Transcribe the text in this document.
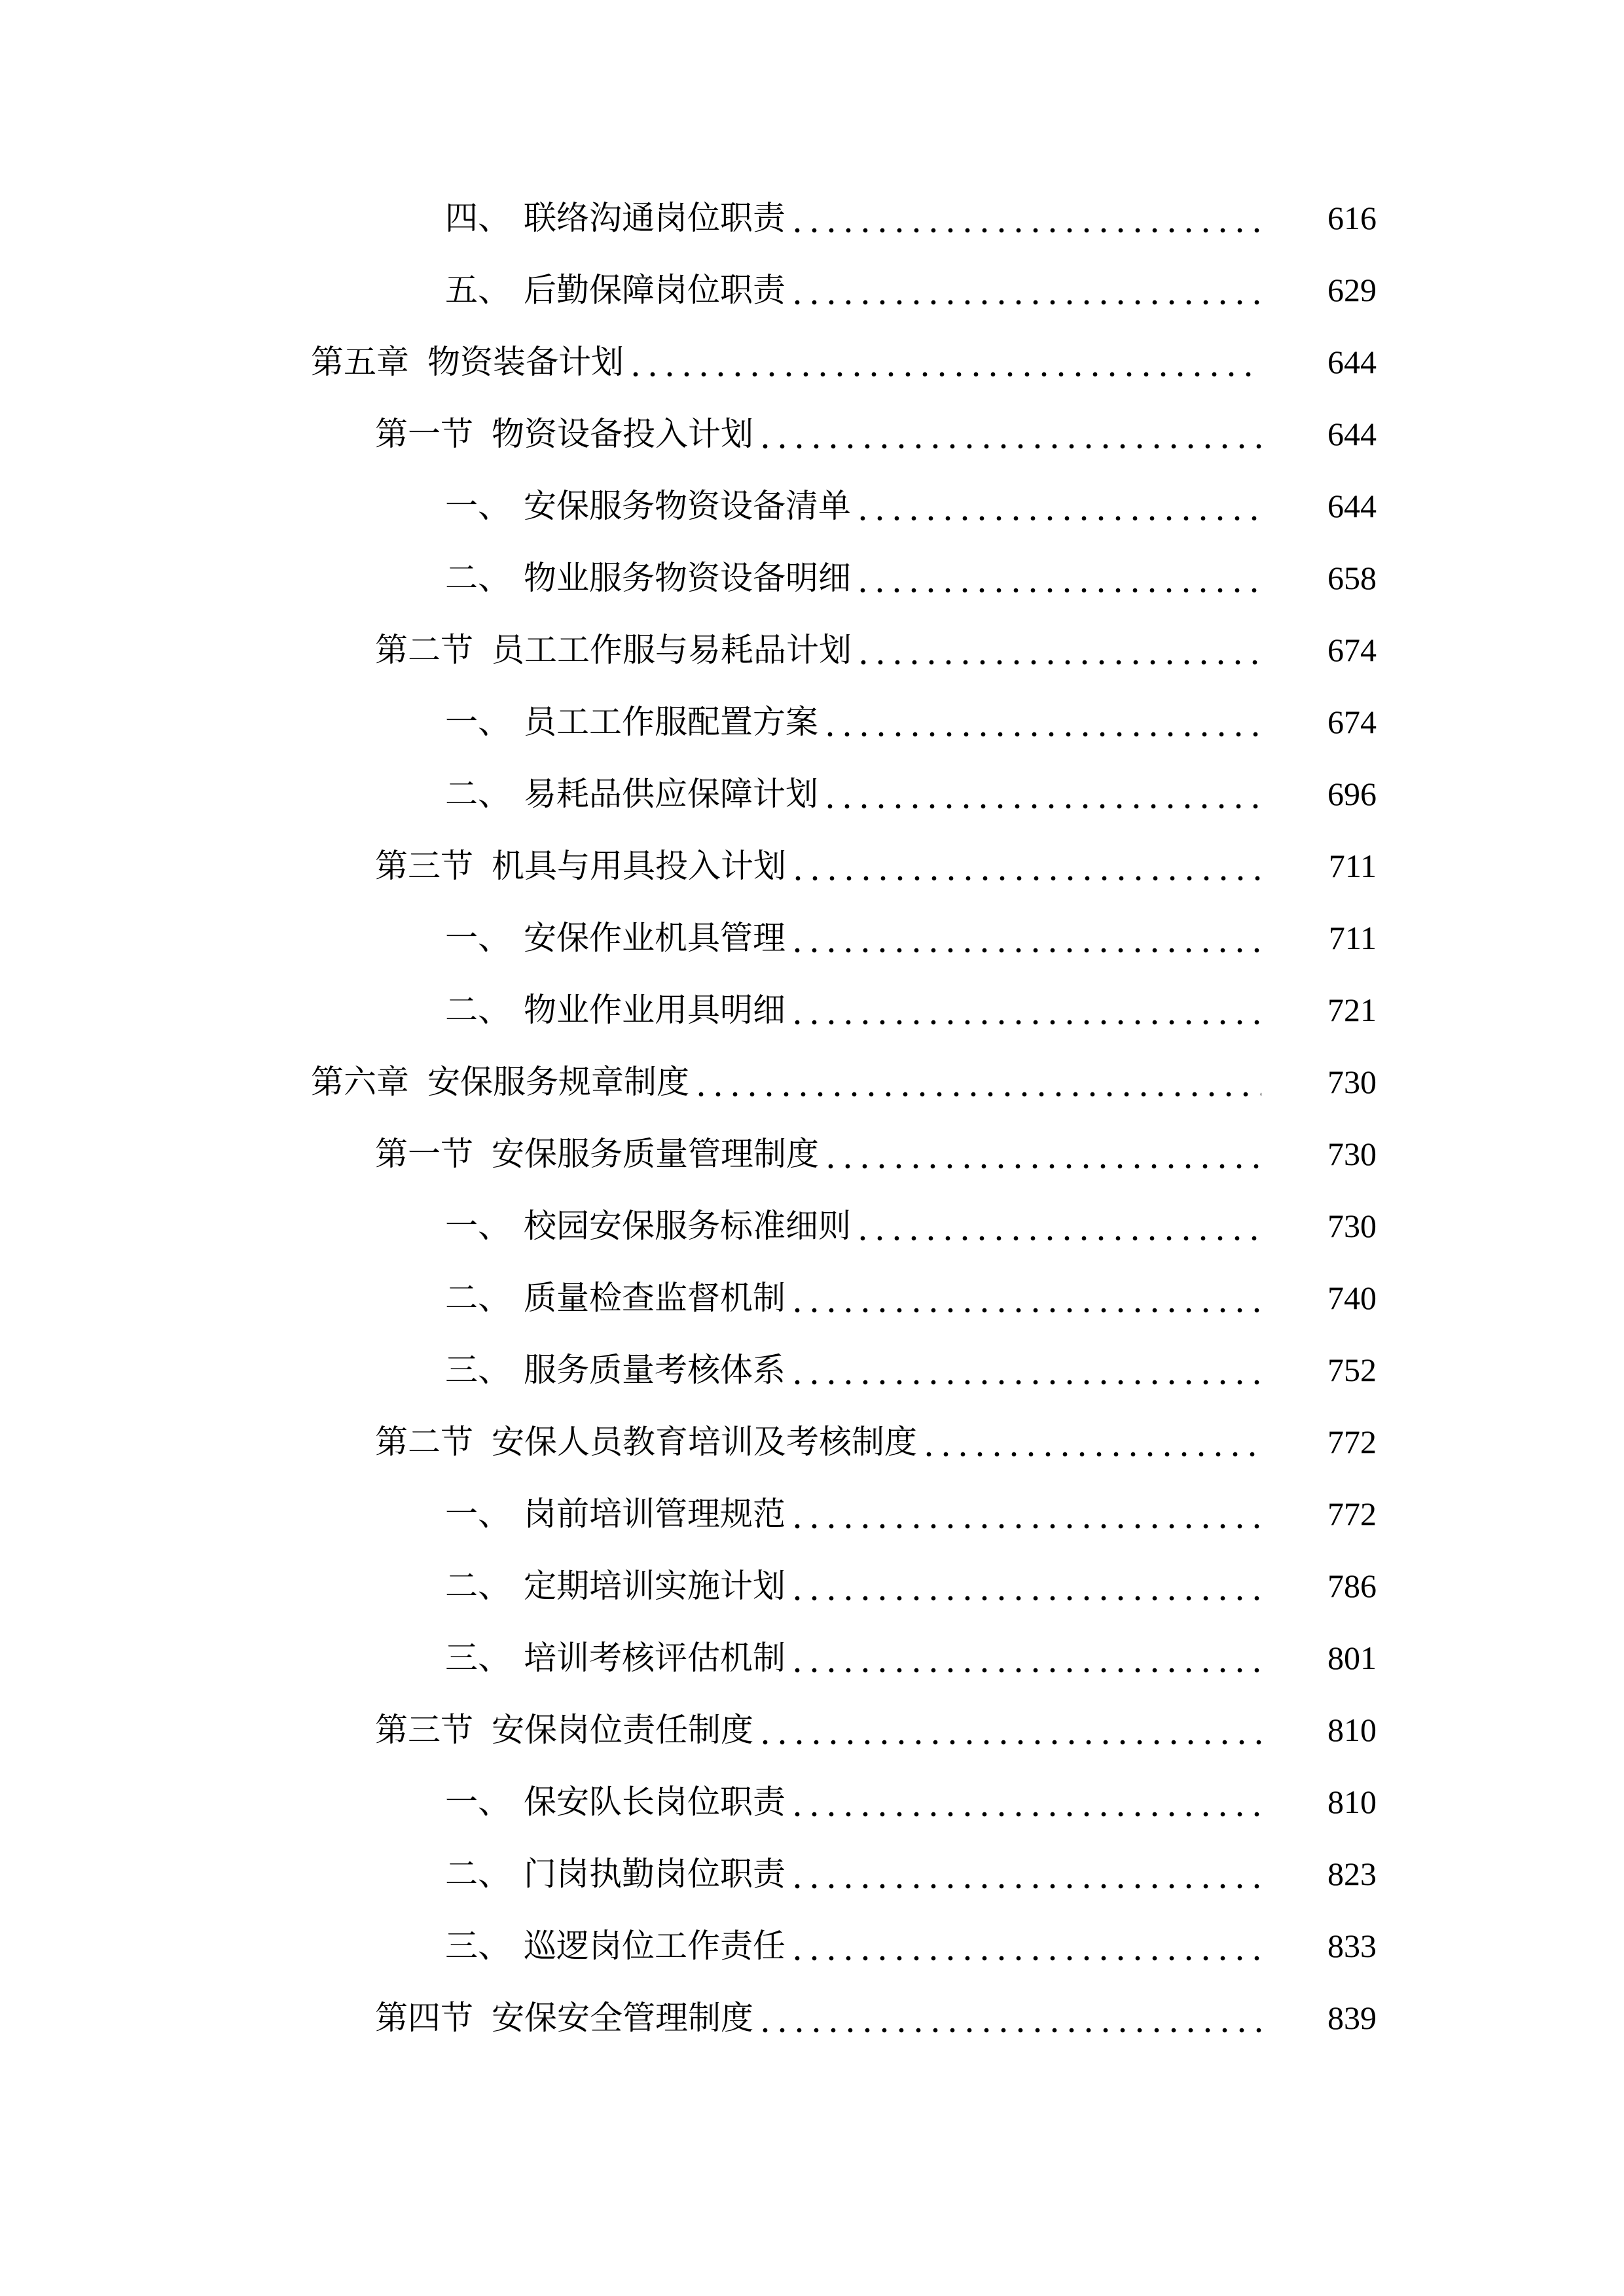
四、 联络沟通岗位职责	616
五、 后勤保障岗位职责	629
第五章 物资装备计划	644
第一节 物资设备投入计划	644
一、 安保服务物资设备清单	644
二、 物业服务物资设备明细	658
第二节 员工工作服与易耗品计划	674
一、 员工工作服配置方案	674
二、 易耗品供应保障计划	696
第三节 机具与用具投入计划	711
一、 安保作业机具管理	711
二、 物业作业用具明细	721
第六章 安保服务规章制度	730
第一节 安保服务质量管理制度	730
一、 校园安保服务标准细则	730
二、 质量检查监督机制	740
三、 服务质量考核体系	752
第二节 安保人员教育培训及考核制度	772
一、 岗前培训管理规范	772
二、 定期培训实施计划	786
三、 培训考核评估机制	801
第三节 安保岗位责任制度	810
一、 保安队长岗位职责	810
二、 门岗执勤岗位职责	823
三、 巡逻岗位工作责任	833
第四节 安保安全管理制度	839
